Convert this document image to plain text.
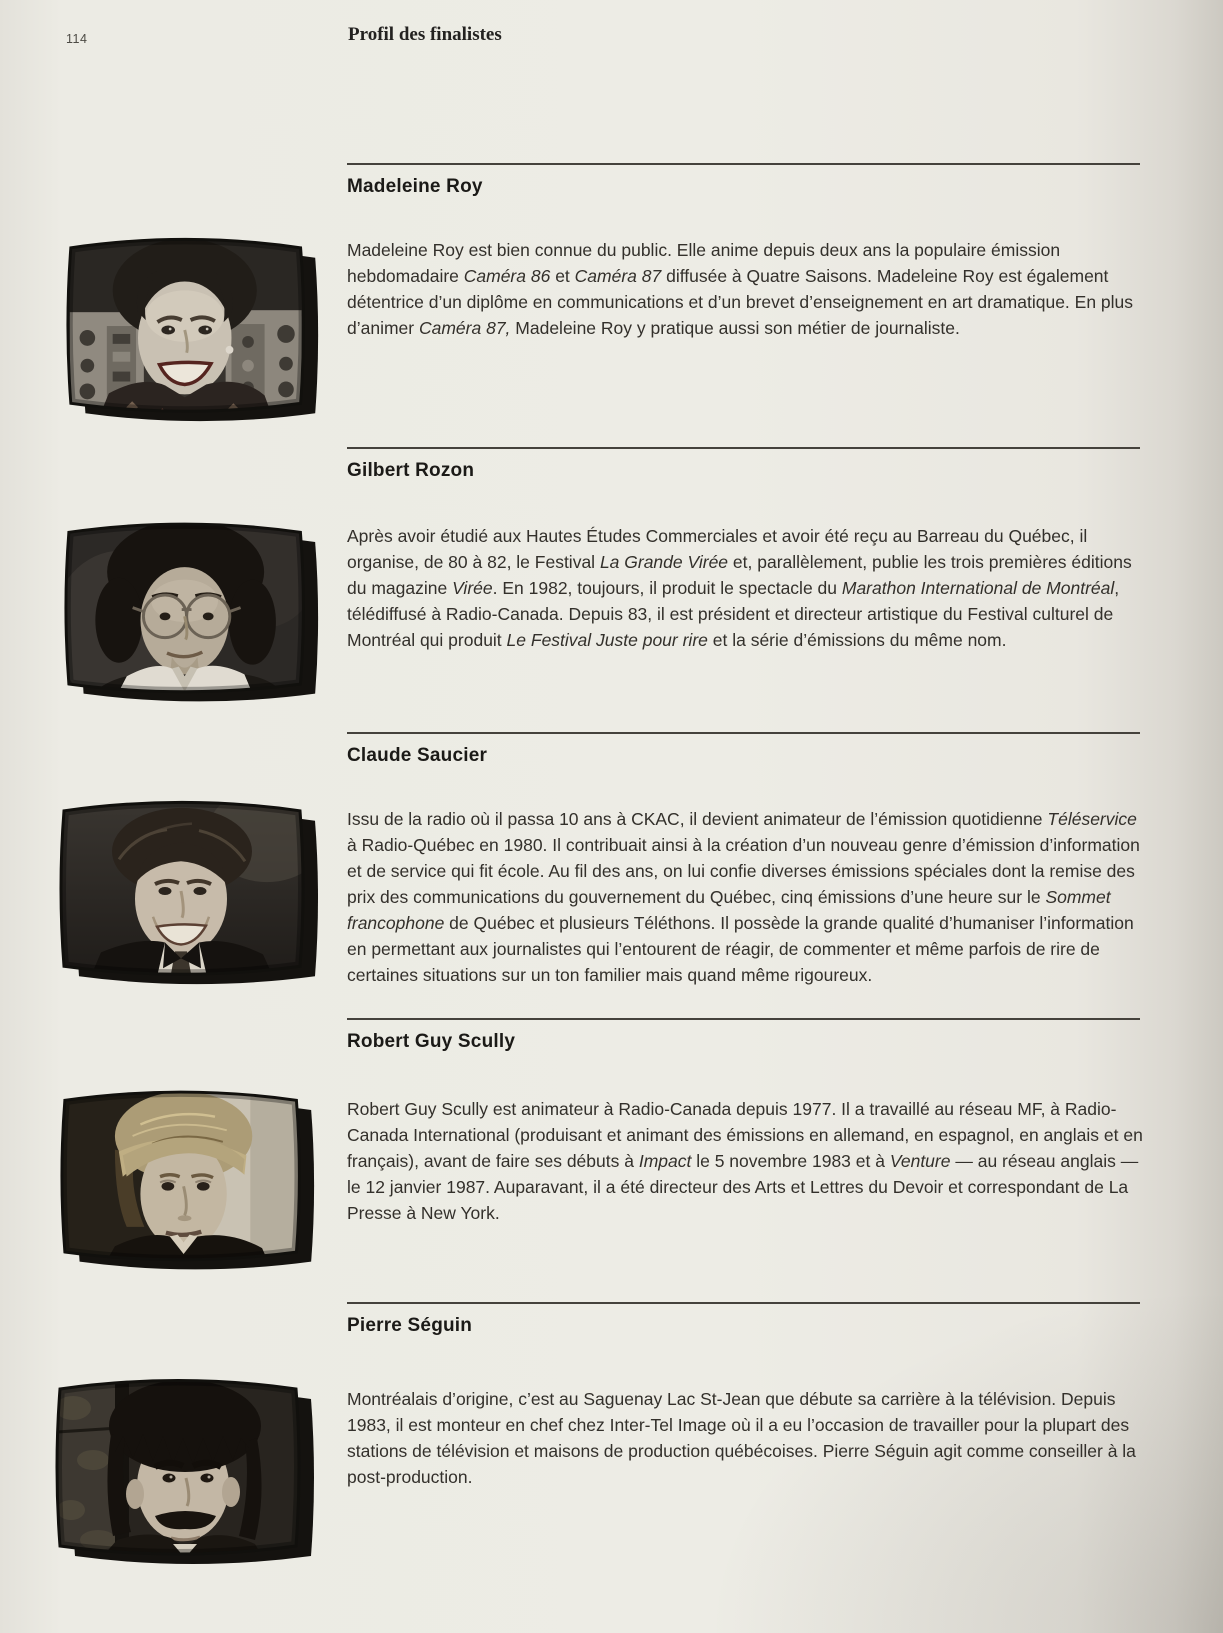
114	Profil des finalistes
Madeleine Roy

Madeleine Roy est bien connue du public. Elle anime depuis deux ans la populaire émission hebdomadaire Caméra 86 et Caméra 87 diffusée à Quatre Saisons. Madeleine Roy est également détentrice d’un diplôme en communications et d’un brevet d’enseignement en art dramatique. En plus d’animer Caméra 87, Madeleine Roy y pratique aussi son métier de journaliste.

Gilbert Rozon

Après avoir étudié aux Hautes Études Commerciales et avoir été reçu au Barreau du Québec, il organise, de 80 à 82, le Festival La Grande Virée et, parallèlement, publie les trois premières éditions du magazine Virée. En 1982, toujours, il produit le spectacle du Marathon International de Montréal, télédiffusé à Radio-Canada. Depuis 83, il est président et directeur artistique du Festival culturel de Montréal qui produit Le Festival Juste pour rire et la série d’émissions du même nom.

Claude Saucier

Issu de la radio où il passa 10 ans à CKAC, il devient animateur de l’émission quotidienne Téléservice à Radio-Québec en 1980. Il contribuait ainsi à la création d’un nouveau genre d’émission d’information et de service qui fit école. Au fil des ans, on lui confie diverses émissions spéciales dont la remise des prix des communications du gouvernement du Québec, cinq émissions d’une heure sur le Sommet francophone de Québec et plusieurs Téléthons. Il possède la grande qualité d’humaniser l’information en permettant aux journalistes qui l’entourent de réagir, de commenter et même parfois de rire de certaines situations sur un ton familier mais quand même rigoureux.

Robert Guy Scully

Robert Guy Scully est animateur à Radio-Canada depuis 1977. Il a travaillé au réseau MF, à Radio-Canada International (produisant et animant des émissions en allemand, en espagnol, en anglais et en français), avant de faire ses débuts à Impact le 5 novembre 1983 et à Venture — au réseau anglais — le 12 janvier 1987. Auparavant, il a été directeur des Arts et Lettres du Devoir et correspondant de La Presse à New York.

Pierre Séguin

Montréalais d’origine, c’est au Saguenay Lac St-Jean que débute sa carrière à la télévision. Depuis 1983, il est monteur en chef chez Inter-Tel Image où il a eu l’occasion de travailler pour la plupart des stations de télévision et maisons de production québécoises. Pierre Séguin agit comme conseiller à la post-production.
